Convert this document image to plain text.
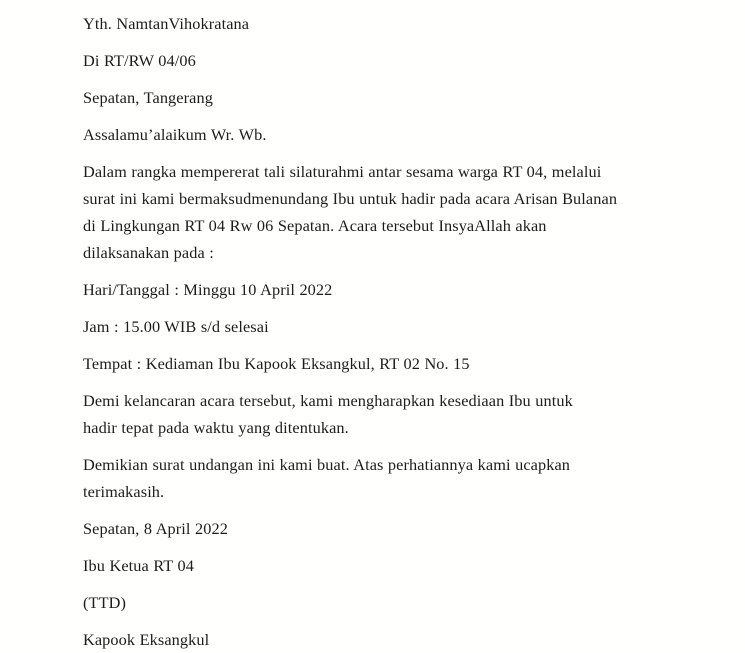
Yth. NamtanVihokratana

Di RT/RW 04/06

Sepatan, Tangerang

Assalamu’alaikum Wr. Wb.

Dalam rangka mempererat tali silaturahmi antar sesama warga RT 04, melalui surat ini kami bermaksudmenundang Ibu untuk hadir pada acara Arisan Bulanan di Lingkungan RT 04 Rw 06 Sepatan. Acara tersebut InsyaAllah akan dilaksanakan pada :

Hari/Tanggal : Minggu 10 April 2022

Jam : 15.00 WIB s/d selesai

Tempat : Kediaman Ibu Kapook Eksangkul, RT 02 No. 15

Demi kelancaran acara tersebut, kami mengharapkan kesediaan Ibu untuk hadir tepat pada waktu yang ditentukan.

Demikian surat undangan ini kami buat. Atas perhatiannya kami ucapkan terimakasih.

Sepatan, 8 April 2022

Ibu Ketua RT 04

(TTD)

Kapook Eksangkul
